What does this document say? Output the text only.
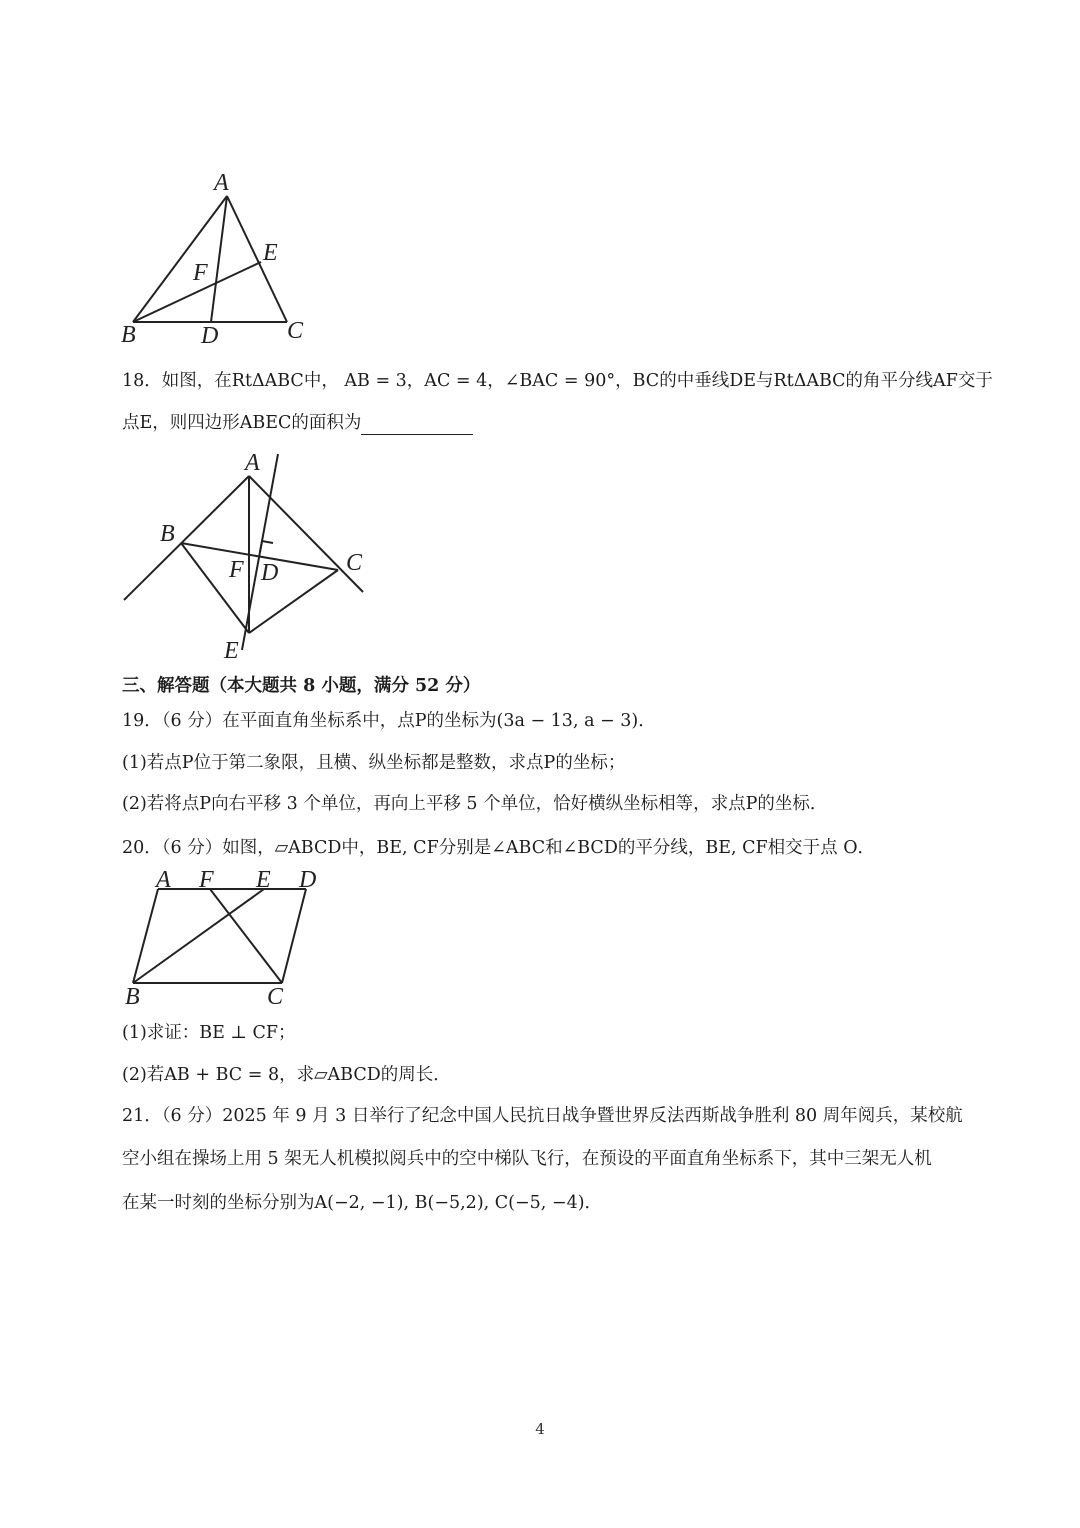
A
B	C
D
E
F
18．如图，在RtΔABC中， AB = 3，AC = 4，∠BAC = 90°，BC的中垂线DE与RtΔABC的角平分线AF交于
点E，则四边形ABEC的面积为
A
B
C
D
E
F
三、解答题（本大题共 8 小题，满分 52 分）
19．（6 分）在平面直角坐标系中，点P的坐标为(3a − 13, a − 3)．
(1)若点P位于第二象限，且横、纵坐标都是整数，求点P的坐标；
(2)若将点P向右平移 3 个单位，再向上平移 5 个单位，恰好横纵坐标相等，求点P的坐标．
20．（6 分）如图，▱ABCD中，BE, CF分别是∠ABC和∠BCD的平分线，BE, CF相交于点 O．
A F E D
B	C
(1)求证：BE ⊥ CF；
(2)若AB + BC = 8，求▱ABCD的周长．
21．（6 分）2025 年 9 月 3 日举行了纪念中国人民抗日战争暨世界反法西斯战争胜利 80 周年阅兵，某校航
空小组在操场上用 5 架无人机模拟阅兵中的空中梯队飞行，在预设的平面直角坐标系下，其中三架无人机
在某一时刻的坐标分别为A(−2, −1), B(−5,2), C(−5, −4)．
4
